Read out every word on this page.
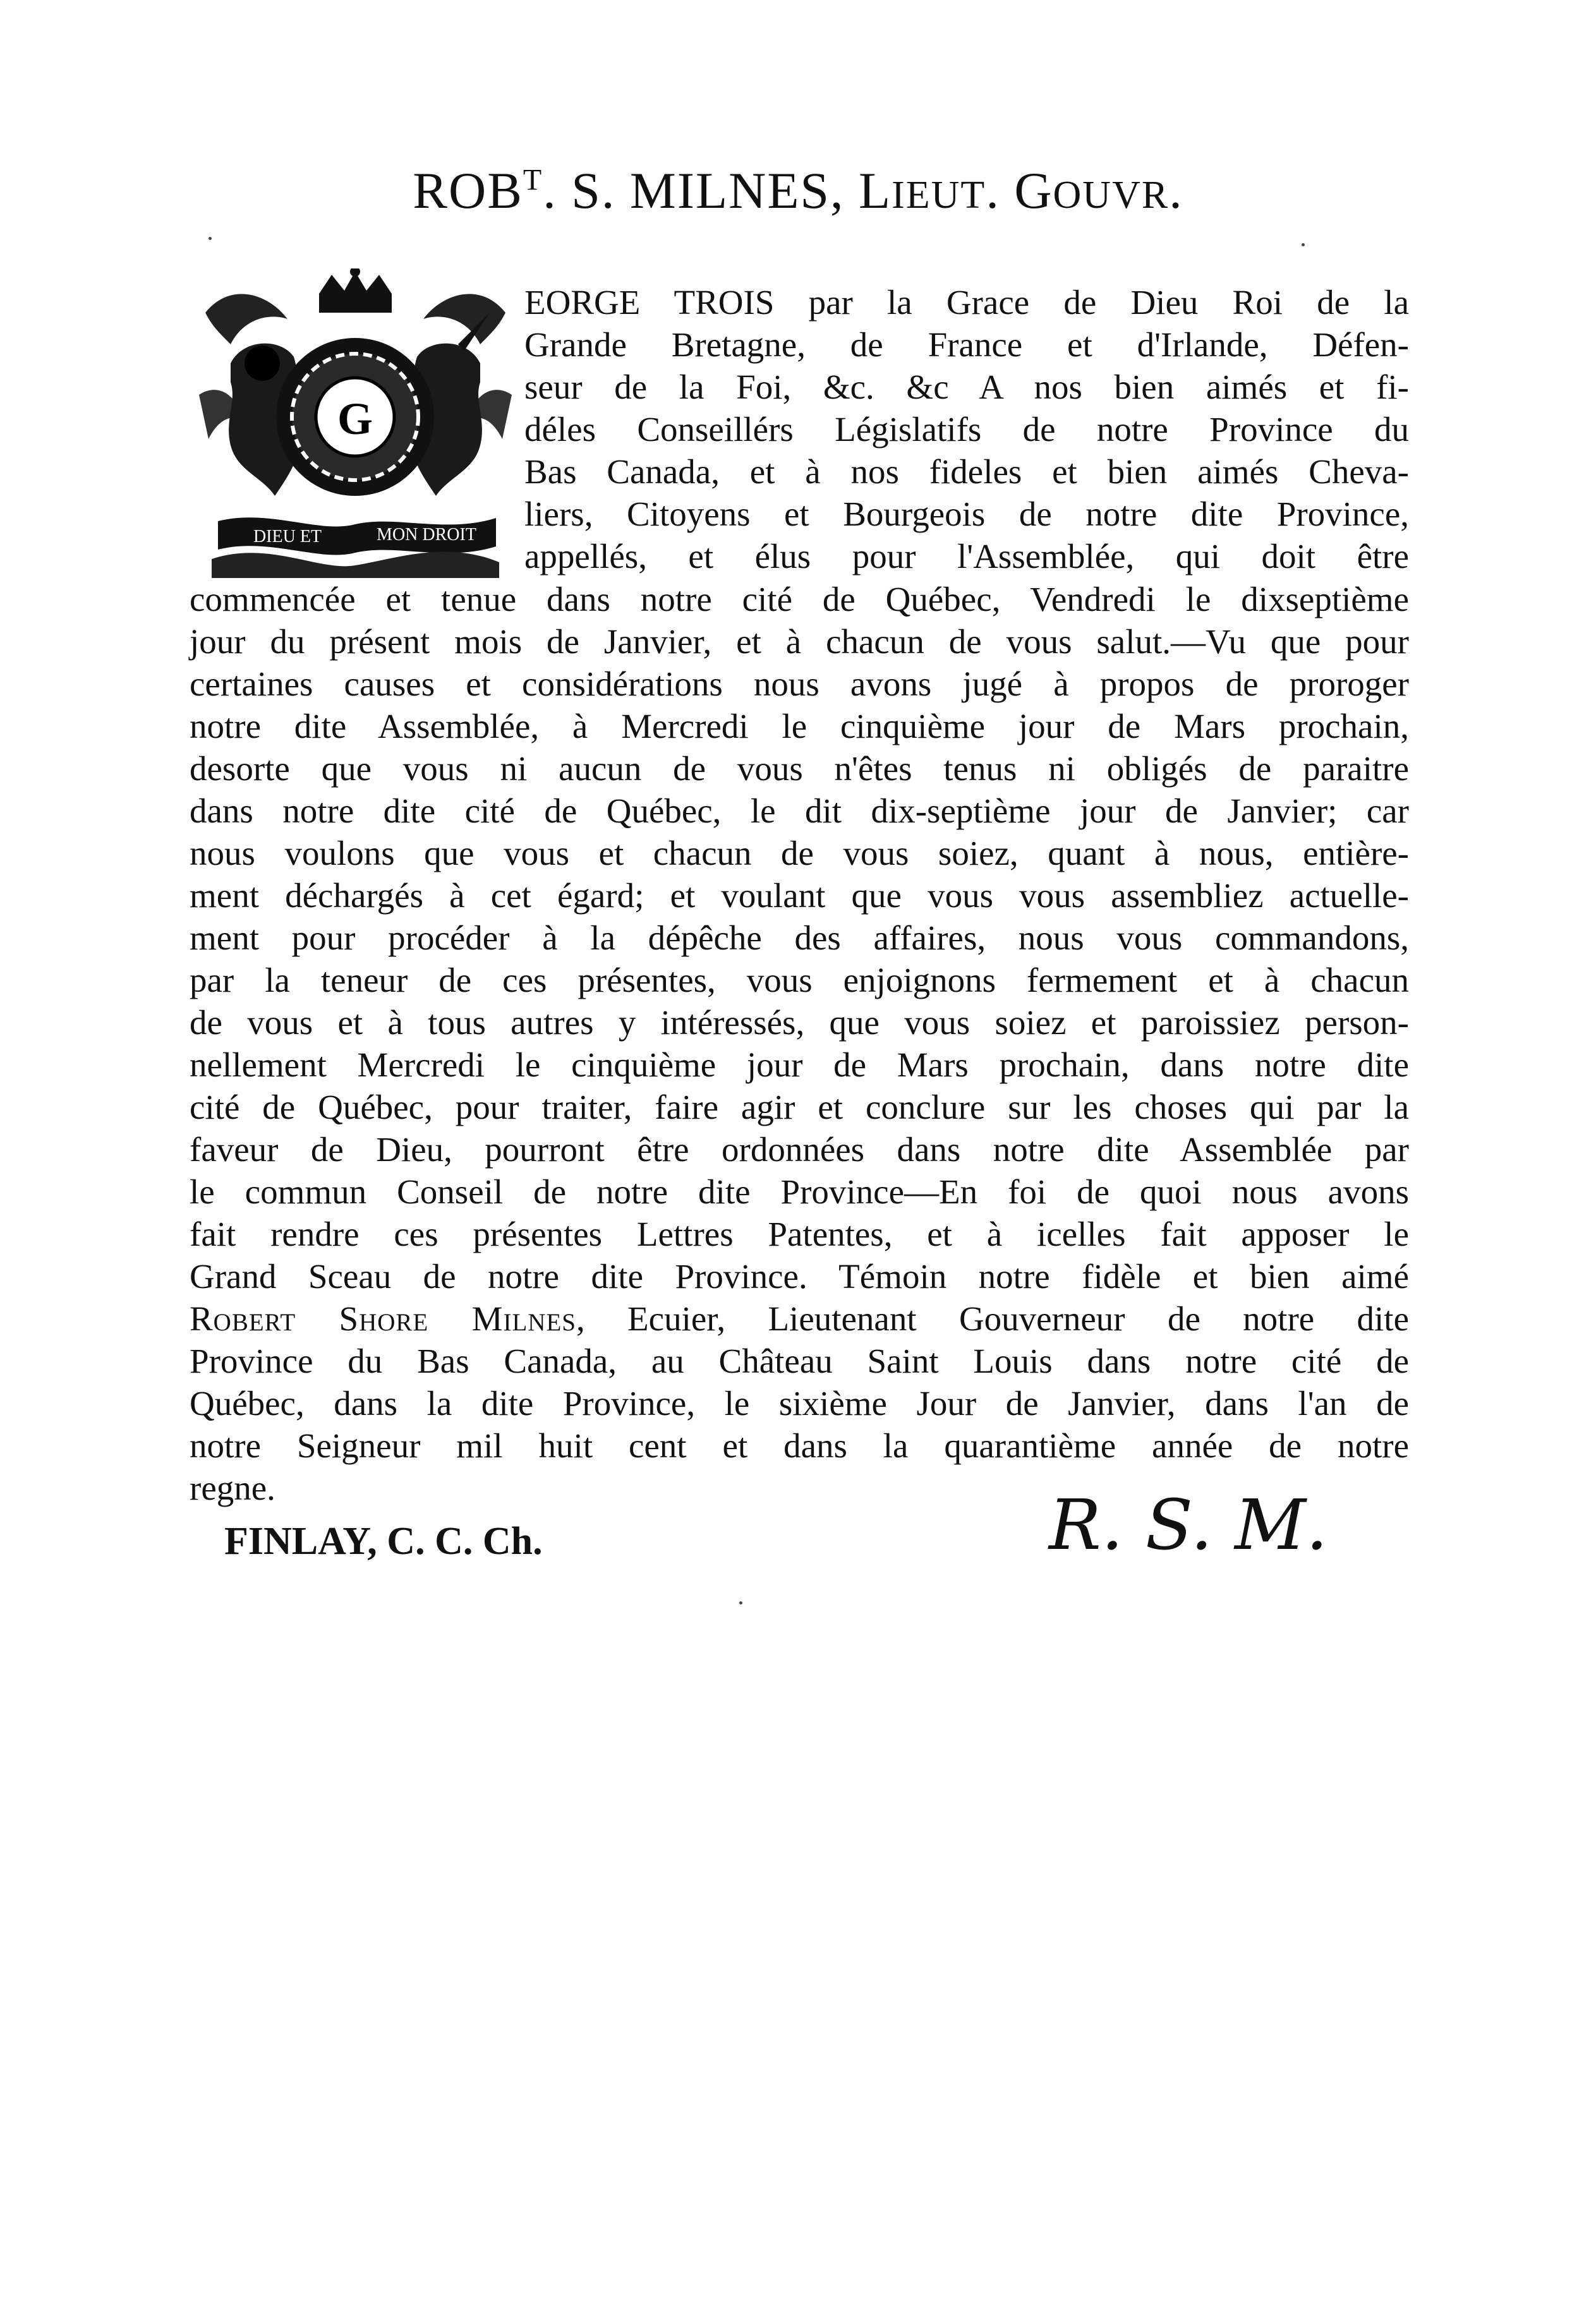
$ROB^T$. S. MILNES, LIEUT. GOUVR.
G
DIEU ET	MON DROIT
EORGE TROIS par la Grace de Dieu Roi de la
Grande Bretagne, de France et d'Irlande, Défen-
seur de la Foi, &c. &c A nos bien aimés et fi-
déles Conseillérs Législatifs de notre Province du
Bas Canada, et à nos fideles et bien aimés Cheva-
liers, Citoyens et Bourgeois de notre dite Province,
appellés, et élus pour l'Assemblée, qui doit être
commencée et tenue dans notre cité de Québec, Vendredi le dixseptième
jour du présent mois de Janvier, et à chacun de vous salut.—Vu que pour
certaines causes et considérations nous avons jugé à propos de proroger
notre dite Assemblée, à Mercredi le cinquième jour de Mars prochain,
desorte que vous ni aucun de vous n'êtes tenus ni obligés de paraitre
dans notre dite cité de Québec, le dit dix-septième jour de Janvier; car
nous voulons que vous et chacun de vous soiez, quant à nous, entière-
ment déchargés à cet égard; et voulant que vous vous assembliez actuelle-
ment pour procéder à la dépêche des affaires, nous vous commandons,
par la teneur de ces présentes, vous enjoignons fermement et à chacun
de vous et à tous autres y intéressés, que vous soiez et paroissiez person-
nellement Mercredi le cinquième jour de Mars prochain, dans notre dite
cité de Québec, pour traiter, faire agir et conclure sur les choses qui par la
faveur de Dieu, pourront être ordonnées dans notre dite Assemblée par
le commun Conseil de notre dite Province—En foi de quoi nous avons
fait rendre ces présentes Lettres Patentes, et à icelles fait apposer le
Grand Sceau de notre dite Province. Témoin notre fidèle et bien aimé
Robert Shore Milnes, Ecuier, Lieutenant Gouverneur de notre dite
Province du Bas Canada, au Château Saint Louis dans notre cité de
Québec, dans la dite Province, le sixième Jour de Janvier, dans l'an de
notre Seigneur mil huit cent et dans la quarantième année de notre
regne.
FINLAY, C. C. Ch.	R. S. M.
